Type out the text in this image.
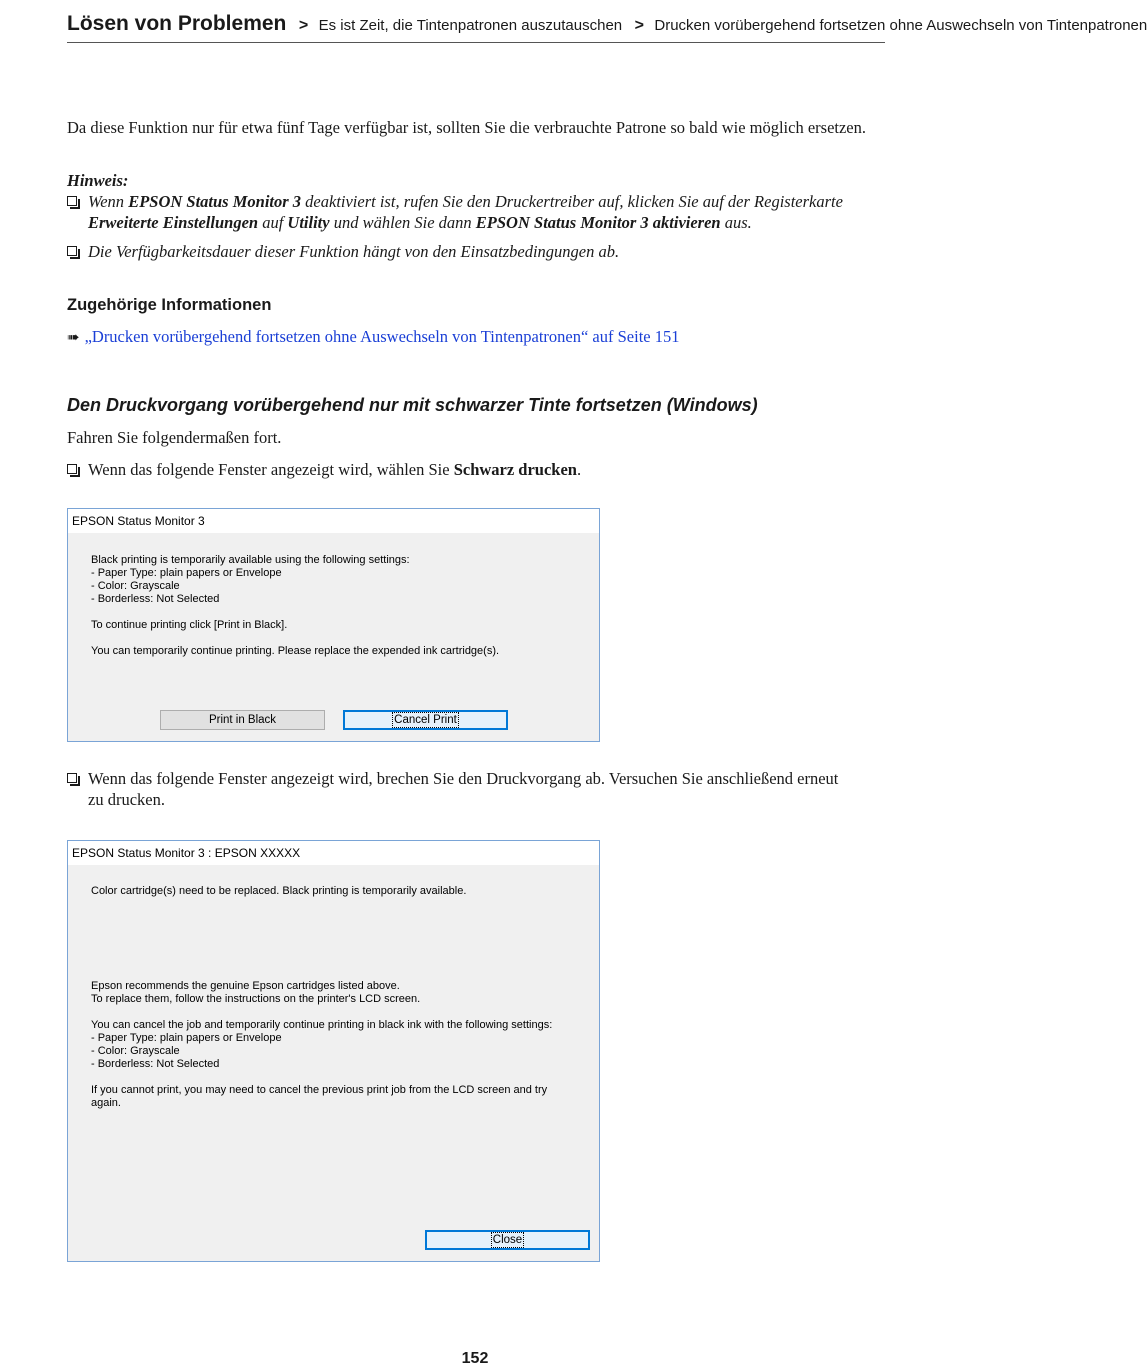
Lösen von Problemen > Es ist Zeit, die Tintenpatronen auszutauschen > Drucken vorübergehend fortsetzen ohne Auswechseln von Tintenpatronen
Da diese Funktion nur für etwa fünf Tage verfügbar ist, sollten Sie die verbrauchte Patrone so bald wie möglich ersetzen.
Hinweis:
Wenn EPSON Status Monitor 3 deaktiviert ist, rufen Sie den Druckertreiber auf, klicken Sie auf der Registerkarte Erweiterte Einstellungen auf Utility und wählen Sie dann EPSON Status Monitor 3 aktivieren aus.
Die Verfügbarkeitsdauer dieser Funktion hängt von den Einsatzbedingungen ab.
Zugehörige Informationen
➠ „Drucken vorübergehend fortsetzen ohne Auswechseln von Tintenpatronen“ auf Seite 151
Den Druckvorgang vorübergehend nur mit schwarzer Tinte fortsetzen (Windows)
Fahren Sie folgendermaßen fort.
Wenn das folgende Fenster angezeigt wird, wählen Sie Schwarz drucken.
EPSON Status Monitor 3
Black printing is temporarily available using the following settings:
- Paper Type: plain papers or Envelope
- Color: Grayscale
- Borderless: Not Selected
To continue printing click [Print in Black].
You can temporarily continue printing. Please replace the expended ink cartridge(s).
Print in Black	Cancel Print
Wenn das folgende Fenster angezeigt wird, brechen Sie den Druckvorgang ab. Versuchen Sie anschließend erneut zu drucken.
EPSON Status Monitor 3 : EPSON XXXXX
Color cartridge(s) need to be replaced. Black printing is temporarily available.
Epson recommends the genuine Epson cartridges listed above.
To replace them, follow the instructions on the printer's LCD screen.
You can cancel the job and temporarily continue printing in black ink with the following settings:
- Paper Type: plain papers or Envelope
- Color: Grayscale
- Borderless: Not Selected
If you cannot print, you may need to cancel the previous print job from the LCD screen and try
again.
Close
152
